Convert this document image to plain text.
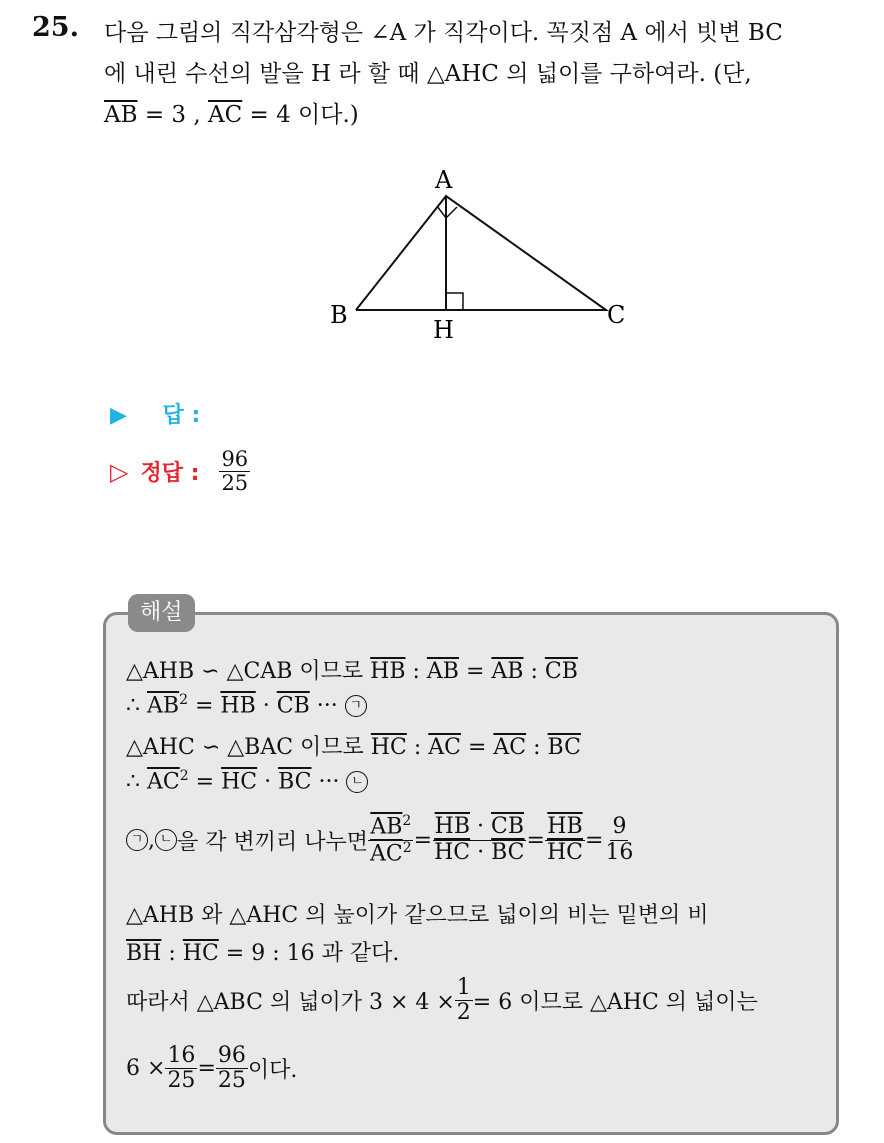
25. 다음 그림의 직각삼각형은 ∠A 가 직각이다. 꼭짓점 A 에서 빗변 BC
에 내린 수선의 발을 H 라 할 때 △AHC 의 넓이를 구하여라. (단,
$\overline{AB} = 3$ , $\overline{AC} = 4$ 이다.)
A
B	C
H
▶ 답 :
▷ 정답 : $\frac{96}{25}$
해설
△AHB ∽ △CAB 이므로 $\overline{HB}$ : $\overline{AB} = \overline{AB}$ : $\overline{CB}$
∴ $\overline{AB}^2 = \overline{HB} \cdot \overline{CB}$ ··· ㄱ
△AHC ∽ △BAC 이므로 $\overline{HC}$ : $\overline{AC} = \overline{AC}$ : $\overline{BC}$
∴ $\overline{AC}^2 = \overline{HC} \cdot \overline{BC}$ ··· ㄴ
ㄱ , ㄴ 을 각 변끼리 나누면 $\frac{\overline{AB}^2}{\overline{AC}^2} = \frac{\overline{HB} \cdot \overline{CB}}{\overline{HC} \cdot \overline{BC}} = \frac{\overline{HB}}{HC} = \frac{9}{16}$
△AHB 와 △AHC 의 높이가 같으므로 넓이의 비는 밑변의 비
$\overline{BH}$ : $\overline{HC} = 9$ : 16 과 같다.
따라서 △ABC 의 넓이가 $3 \times 4 \times \frac{1}{2} = 6$ 이므로 △AHC 의 넓이는
$6 \times \frac{16}{25} = \frac{96}{25}$ 이다.
